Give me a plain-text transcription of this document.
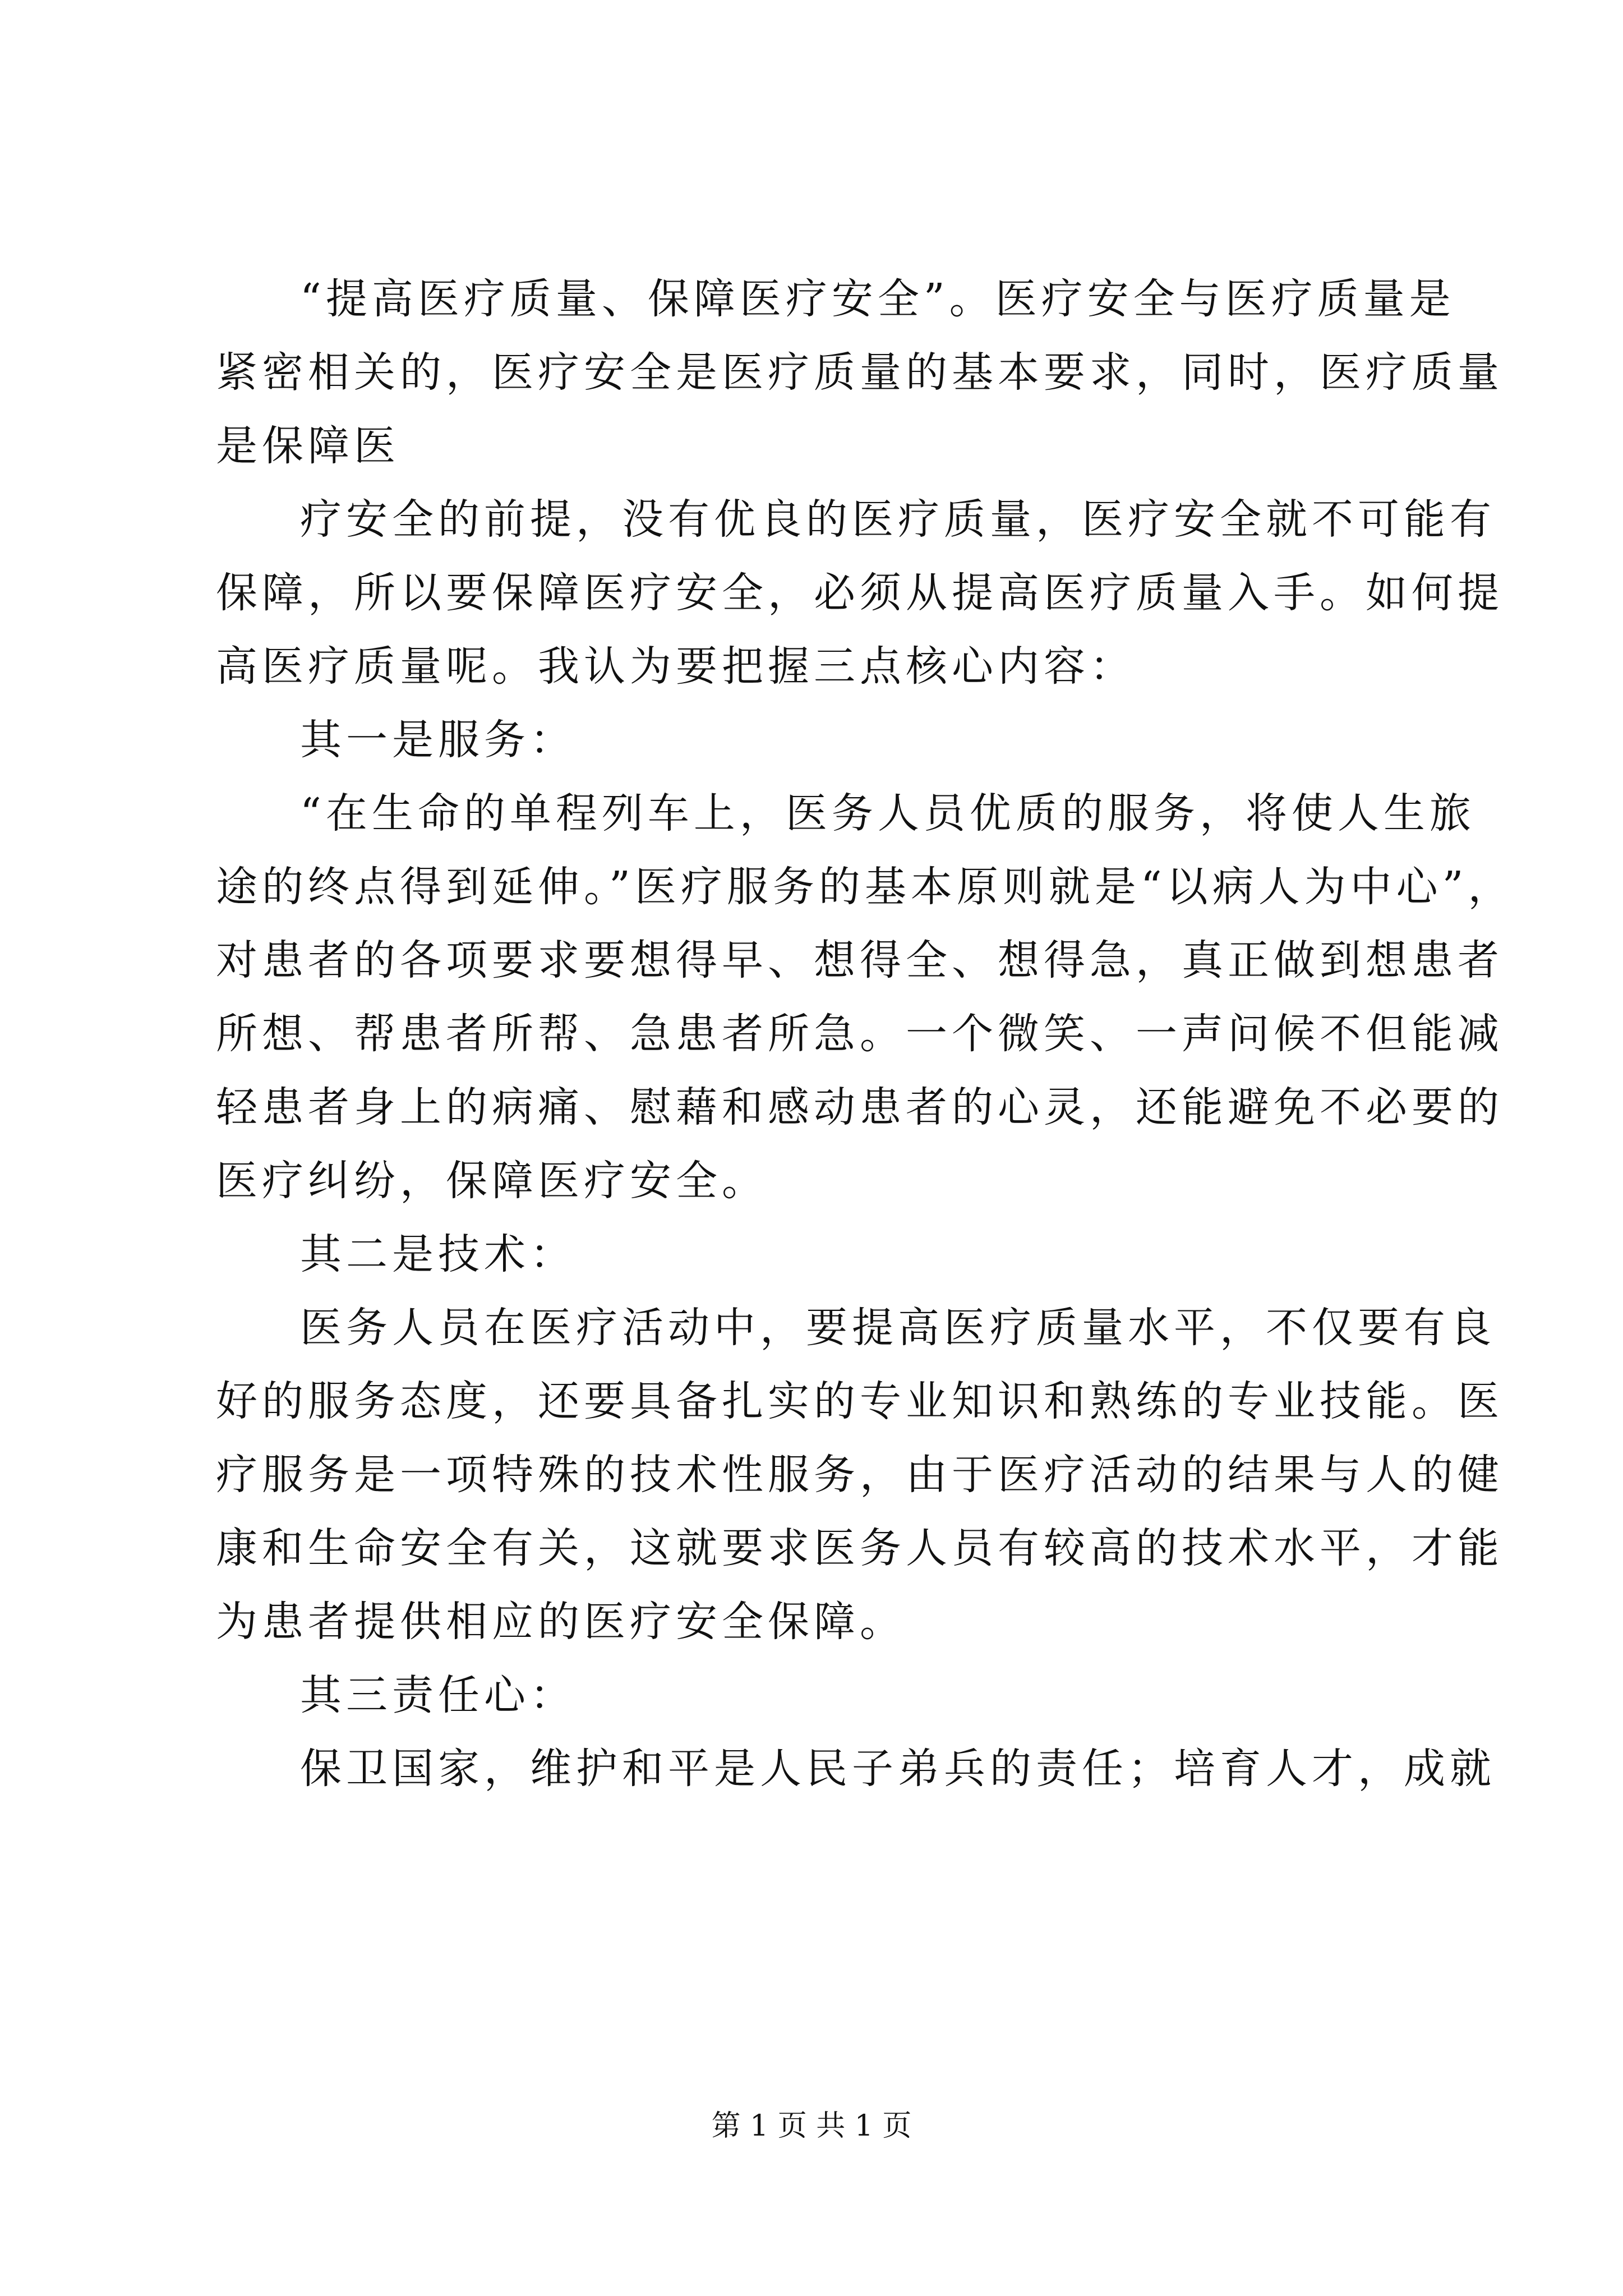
“提高医疗质量、保障医疗安全”。医疗安全与医疗质量是
紧密相关的，医疗安全是医疗质量的基本要求，同时，医疗质量
是保障医
疗安全的前提，没有优良的医疗质量，医疗安全就不可能有
保障，所以要保障医疗安全，必须从提高医疗质量入手。如何提
高医疗质量呢。我认为要把握三点核心内容：
其一是服务：
“在生命的单程列车上，医务人员优质的服务，将使人生旅
途的终点得到延伸。”医疗服务的基本原则就是“以病人为中心”，
对患者的各项要求要想得早、想得全、想得急，真正做到想患者
所想、帮患者所帮、急患者所急。一个微笑、一声问候不但能减
轻患者身上的病痛、慰藉和感动患者的心灵，还能避免不必要的
医疗纠纷，保障医疗安全。
其二是技术：
医务人员在医疗活动中，要提高医疗质量水平，不仅要有良
好的服务态度，还要具备扎实的专业知识和熟练的专业技能。医
疗服务是一项特殊的技术性服务，由于医疗活动的结果与人的健
康和生命安全有关，这就要求医务人员有较高的技术水平，才能
为患者提供相应的医疗安全保障。
其三责任心：
保卫国家，维护和平是人民子弟兵的责任；培育人才，成就
第 1 页 共 1 页
